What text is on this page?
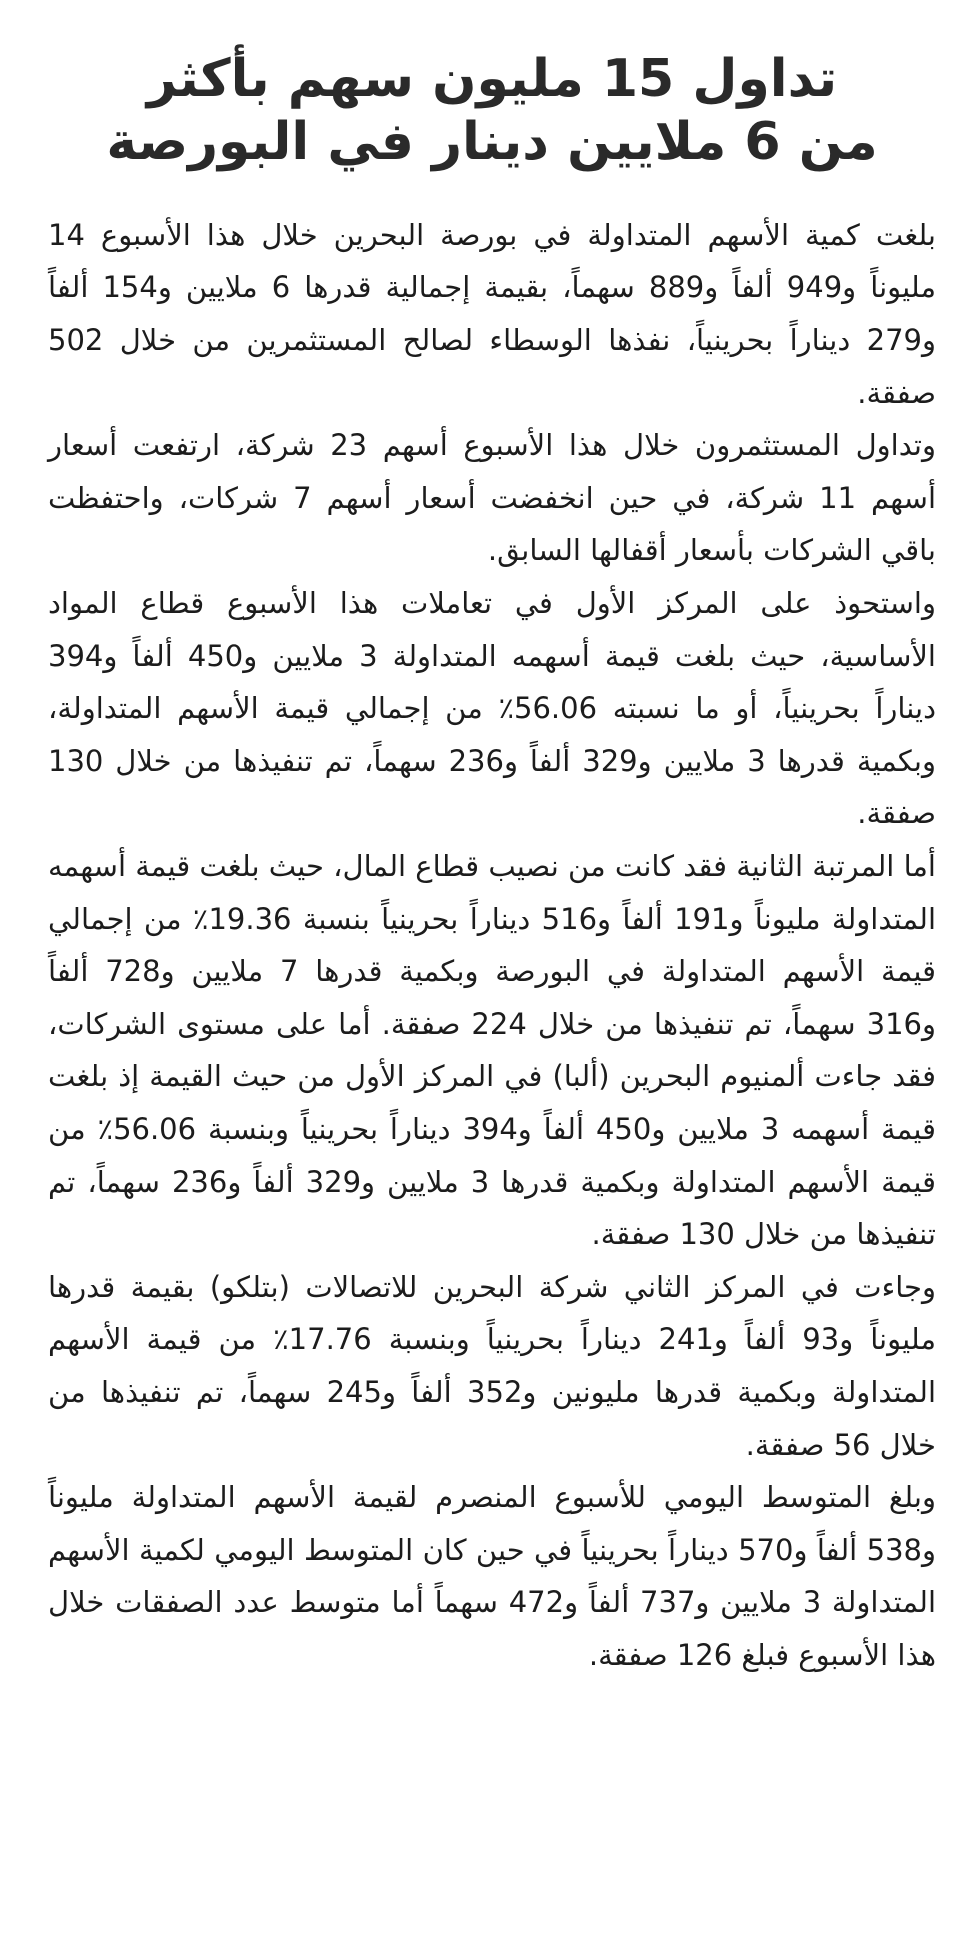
تداول 15 مليون سهم بأكثر
من 6 ملايين دينار في البورصة

بلغت كمية الأسهم المتداولة في بورصة البحرين خلال هذا الأسبوع 14 مليوناً و949 ألفاً و889 سهماً، بقيمة إجمالية قدرها 6 ملايين و154 ألفاً و279 ديناراً بحرينياً، نفذها الوسطاء لصالح المستثمرين من خلال 502 صفقة.

وتداول المستثمرون خلال هذا الأسبوع أسهم 23 شركة، ارتفعت أسعار أسهم 11 شركة، في حين انخفضت أسعار أسهم 7 شركات، واحتفظت باقي الشركات بأسعار أقفالها السابق.

واستحوذ على المركز الأول في تعاملات هذا الأسبوع قطاع المواد الأساسية، حيث بلغت قيمة أسهمه المتداولة 3 ملايين و450 ألفاً و394 ديناراً بحرينياً، أو ما نسبته 56.06٪ من إجمالي قيمة الأسهم المتداولة، وبكمية قدرها 3 ملايين و329 ألفاً و236 سهماً، تم تنفيذها من خلال 130 صفقة.

أما المرتبة الثانية فقد كانت من نصيب قطاع المال، حيث بلغت قيمة أسهمه المتداولة مليوناً و191 ألفاً و516 ديناراً بحرينياً بنسبة 19.36٪ من إجمالي قيمة الأسهم المتداولة في البورصة وبكمية قدرها 7 ملايين و728 ألفاً و316 سهماً، تم تنفيذها من خلال 224 صفقة. أما على مستوى الشركات، فقد جاءت ألمنيوم البحرين (ألبا) في المركز الأول من حيث القيمة إذ بلغت قيمة أسهمه 3 ملايين و450 ألفاً و394 ديناراً بحرينياً وبنسبة 56.06٪ من قيمة الأسهم المتداولة وبكمية قدرها 3 ملايين و329 ألفاً و236 سهماً، تم تنفيذها من خلال 130 صفقة.

وجاءت في المركز الثاني شركة البحرين للاتصالات (بتلكو) بقيمة قدرها مليوناً و93 ألفاً و241 ديناراً بحرينياً وبنسبة 17.76٪ من قيمة الأسهم المتداولة وبكمية قدرها مليونين و352 ألفاً و245 سهماً، تم تنفيذها من خلال 56 صفقة.

وبلغ المتوسط اليومي للأسبوع المنصرم لقيمة الأسهم المتداولة مليوناً و538 ألفاً و570 ديناراً بحرينياً في حين كان المتوسط اليومي لكمية الأسهم المتداولة 3 ملايين و737 ألفاً و472 سهماً أما متوسط عدد الصفقات خلال هذا الأسبوع فبلغ 126 صفقة.
